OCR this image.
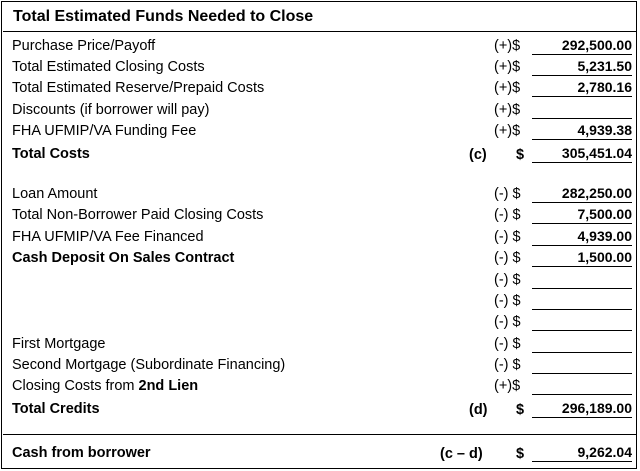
Total Estimated Funds Needed to Close
Purchase Price/Payoff	(+)$	292,500.00
Total Estimated Closing Costs	(+)$	5,231.50
Total Estimated Reserve/Prepaid Costs	(+)$	2,780.16
Discounts (if borrower will pay)	(+)$
FHA UFMIP/VA Funding Fee	(+)$	4,939.38
Total Costs	(c) $	305,451.04
Loan Amount	(-) $	282,250.00
Total Non-Borrower Paid Closing Costs	(-) $	7,500.00
FHA UFMIP/VA Fee Financed	(-) $	4,939.00
Cash Deposit On Sales Contract	(-) $	1,500.00
(-) $
(-) $
(-) $
First Mortgage	(-) $
Second Mortgage (Subordinate Financing)	(-) $
Closing Costs from 2nd Lien	(+)$
Total Credits	(d) $	296,189.00
Cash from borrower	(c – d) $	9,262.04
